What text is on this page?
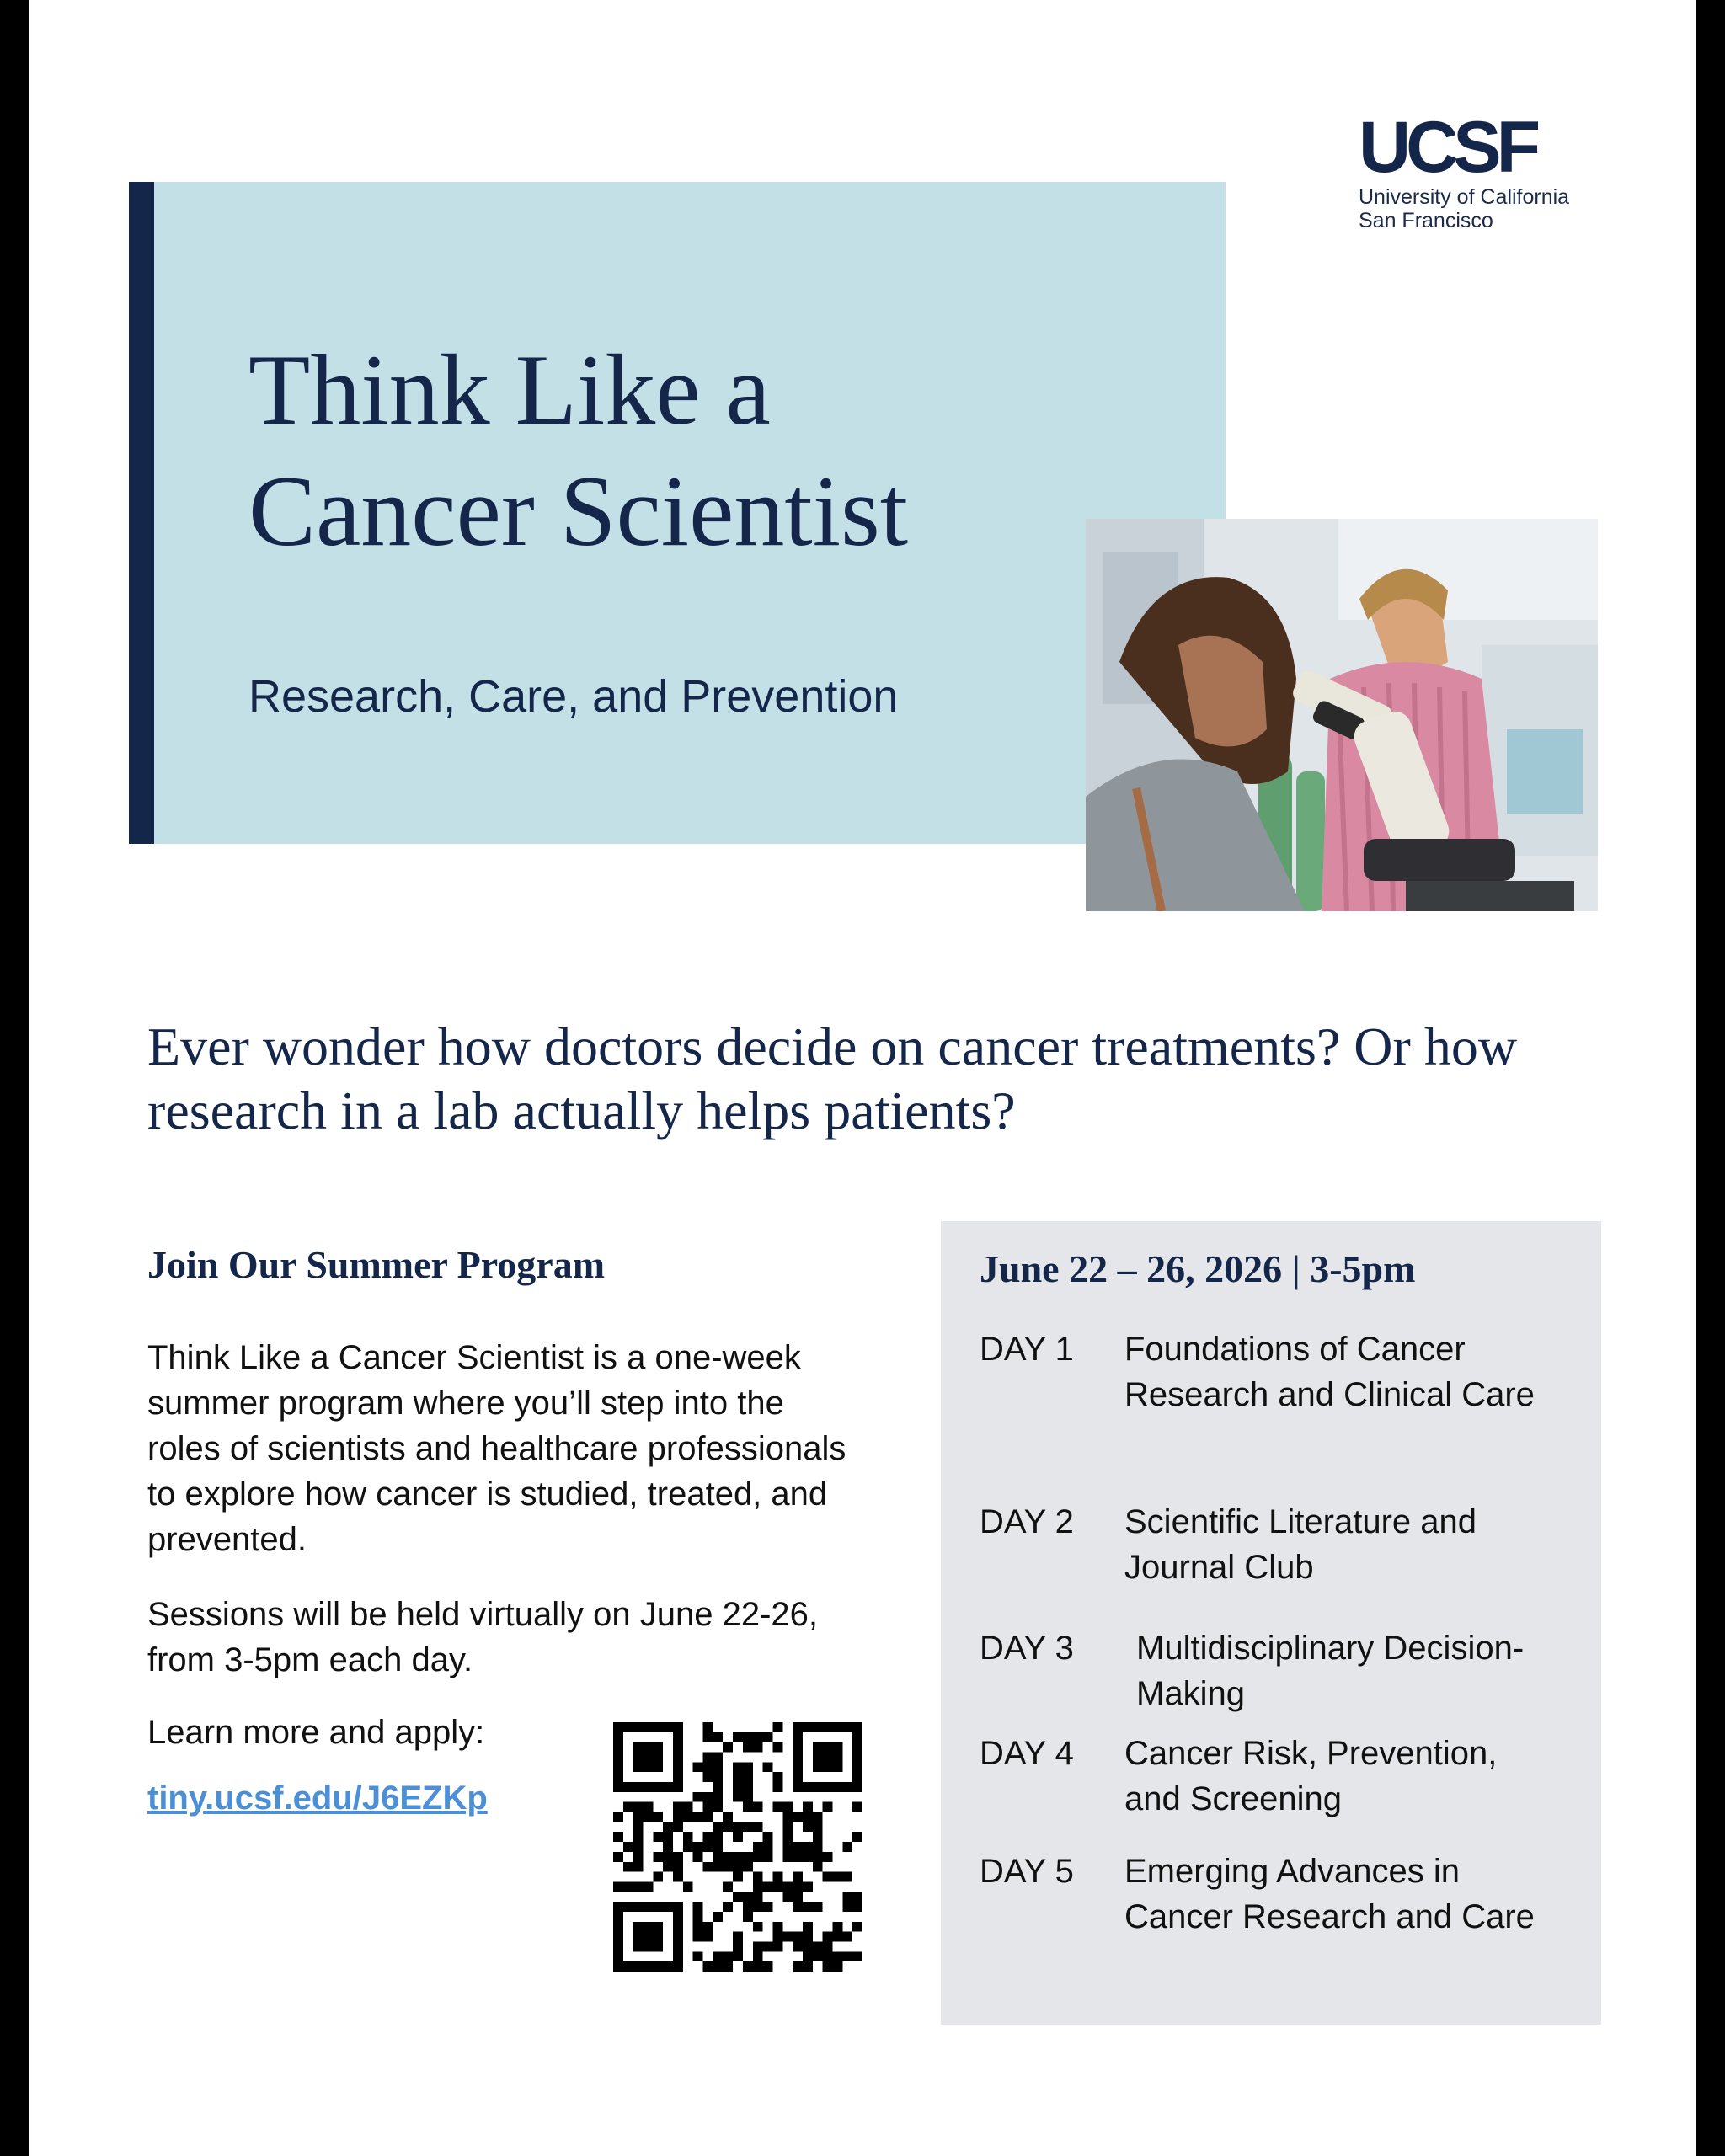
UCSF
University of California
San Francisco
Think Like a
Cancer Scientist
Research, Care, and Prevention
Ever wonder how doctors decide on cancer treatments? Or how research in a lab actually helps patients?
Join Our Summer Program
Think Like a Cancer Scientist is a one-week summer program where you’ll step into the roles of scientists and healthcare professionals to explore how cancer is studied, treated, and prevented.
Sessions will be held virtually on June 22-26, from 3-5pm each day.
Learn more and apply:
tiny.ucsf.edu/J6EZKp
June 22 – 26, 2026 | 3-5pm
DAY 1 Foundations of Cancer Research and Clinical Care
DAY 2 Scientific Literature and Journal Club
DAY 3 Multidisciplinary Decision-Making
DAY 4 Cancer Risk, Prevention, and Screening
DAY 5 Emerging Advances in Cancer Research and Care
